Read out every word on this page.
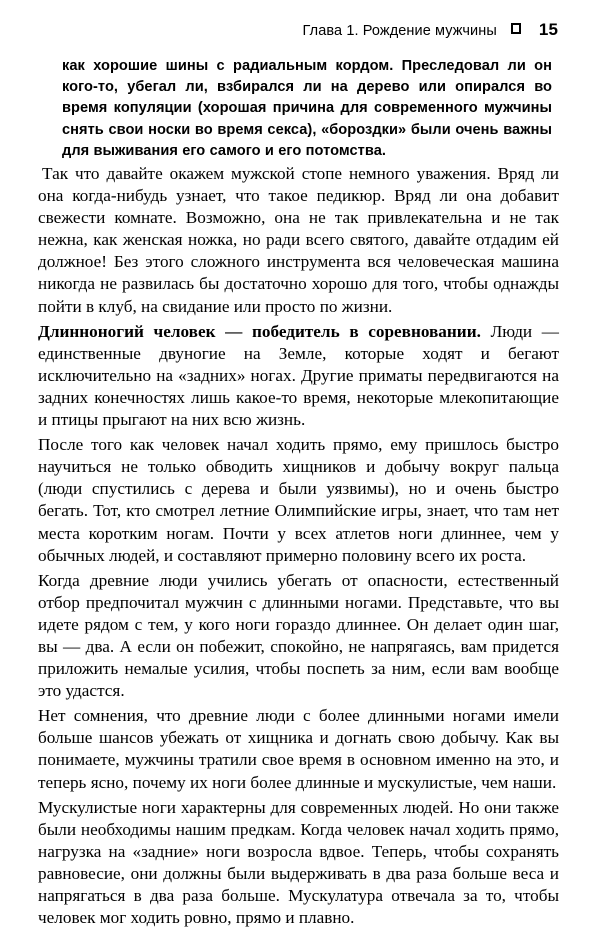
Глава 1. Рождение мужчины 15

как хорошие шины с радиальным кордом. Преследовал ли он кого-то, убегал ли, взбирался ли на дерево или опирался во время копуляции (хорошая причина для современного мужчины снять свои носки во время секса), «бороздки» были очень важны для выживания его самого и его потомства.

Так что давайте окажем мужской стопе немного уважения. Вряд ли она когда-нибудь узнает, что такое педикюр. Вряд ли она добавит свежести комнате. Возможно, она не так привлекательна и не так нежна, как женская ножка, но ради всего святого, давайте отдадим ей должное! Без этого сложного инструмента вся человеческая машина никогда не развилась бы достаточно хорошо для того, чтобы однажды пойти в клуб, на свидание или просто по жизни.

Длинноногий человек — победитель в соревновании. Люди — единственные двуногие на Земле, которые ходят и бегают исключительно на «задних» ногах. Другие приматы передвигаются на задних конечностях лишь какое-то время, некоторые млекопитающие и птицы прыгают на них всю жизнь.

После того как человек начал ходить прямо, ему пришлось быстро научиться не только обводить хищников и добычу вокруг пальца (люди спустились с дерева и были уязвимы), но и очень быстро бегать. Тот, кто смотрел летние Олимпийские игры, знает, что там нет места коротким ногам. Почти у всех атлетов ноги длиннее, чем у обычных людей, и составляют примерно половину всего их роста.

Когда древние люди учились убегать от опасности, естественный отбор предпочитал мужчин с длинными ногами. Представьте, что вы идете рядом с тем, у кого ноги гораздо длиннее. Он делает один шаг, вы — два. А если он побежит, спокойно, не напрягаясь, вам придется приложить немалые усилия, чтобы поспеть за ним, если вам вообще это удастся.

Нет сомнения, что древние люди с более длинными ногами имели больше шансов убежать от хищника и догнать свою добычу. Как вы понимаете, мужчины тратили свое время в основном именно на это, и теперь ясно, почему их ноги более длинные и мускулистые, чем наши.

Мускулистые ноги характерны для современных людей. Но они также были необходимы нашим предкам. Когда человек начал ходить прямо, нагрузка на «задние» ноги возросла вдвое. Теперь, чтобы сохранять равновесие, они должны были выдерживать в два раза больше веса и напрягаться в два раза больше. Мускулатура отвечала за то, чтобы человек мог ходить ровно, прямо и плавно.
